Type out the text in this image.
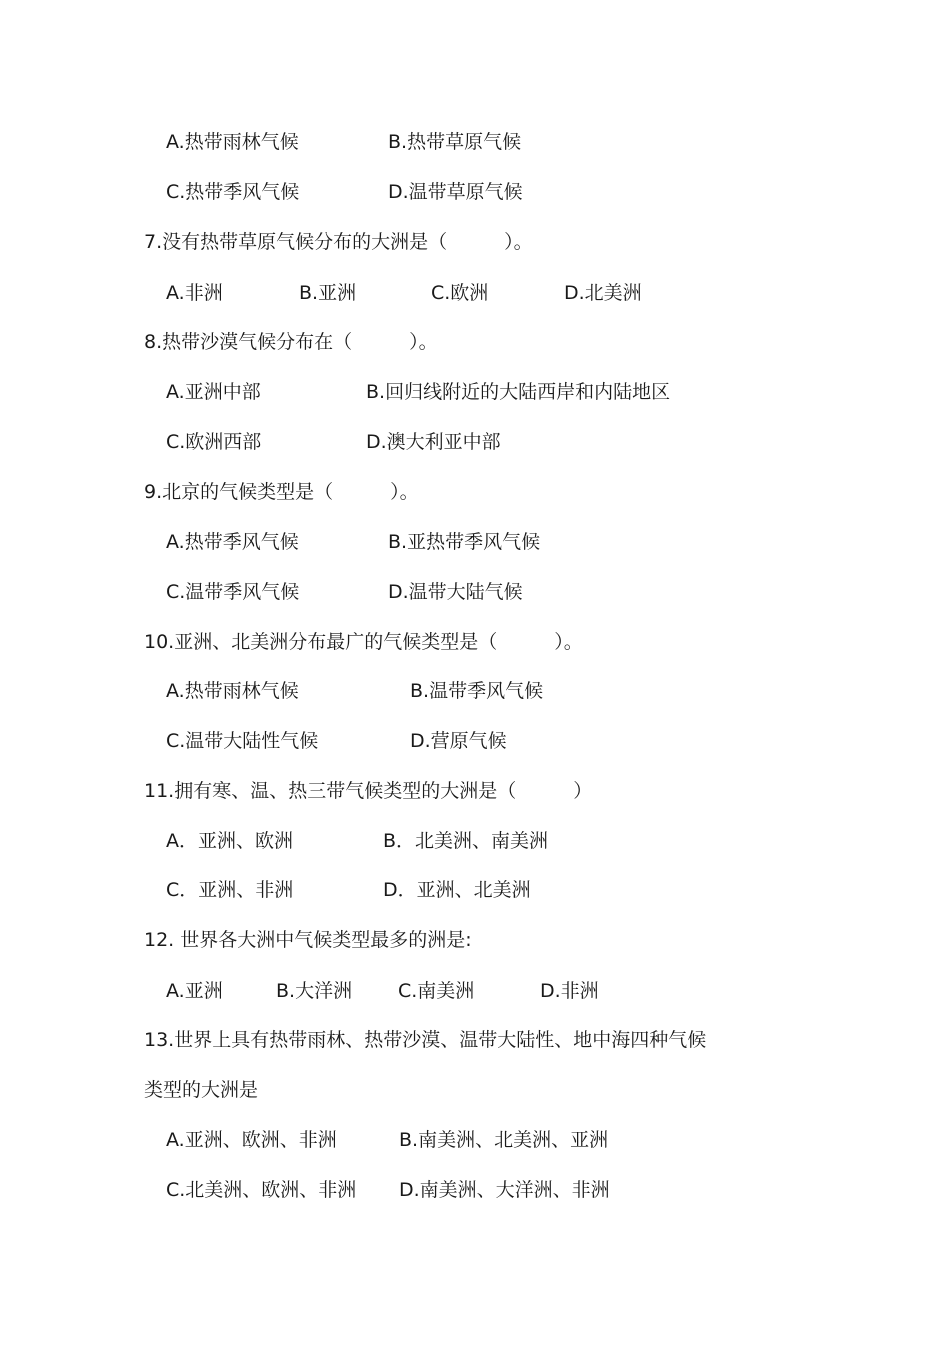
A.热带雨林气候	B.热带草原气候
C.热带季风气候	D.温带草原气候
7.没有热带草原气候分布的大洲是（　　　）。
A.非洲	B.亚洲	C.欧洲	D.北美洲
8.热带沙漠气候分布在（　　　）。
A.亚洲中部	B.回归线附近的大陆西岸和内陆地区
C.欧洲西部	D.澳大利亚中部
9.北京的气候类型是（　　　）。
A.热带季风气候	B.亚热带季风气候
C.温带季风气候	D.温带大陆气候
10.亚洲、北美洲分布最广的气候类型是（　　　）。
A.热带雨林气候	B.温带季风气候
C.温带大陆性气候	D.营原气候
11.拥有寒、温、热三带气候类型的大洲是（　　　）
A．亚洲、欧洲	B．北美洲、南美洲
C．亚洲、非洲	D．亚洲、北美洲
12. 世界各大洲中气候类型最多的洲是:
A.亚洲	B.大洋洲 C.南美洲	D.非洲
13.世界上具有热带雨林、热带沙漠、温带大陆性、地中海四种气候
类型的大洲是
A.亚洲、欧洲、非洲	B.南美洲、北美洲、亚洲
C.北美洲、欧洲、非洲 D.南美洲、大洋洲、非洲
